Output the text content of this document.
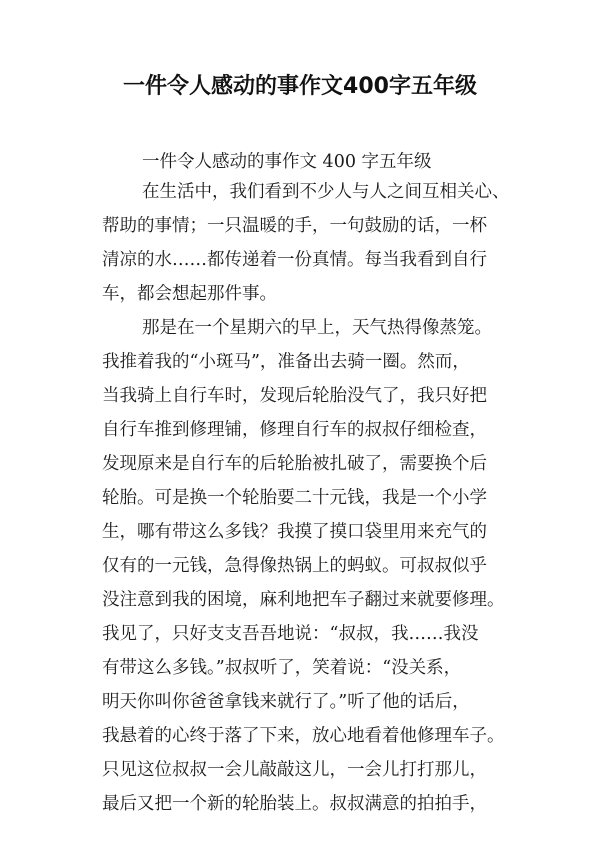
一件令人感动的事作文400字五年级
一件令人感动的事作文 400 字五年级
在生活中，我们看到不少人与人之间互相关心、
帮助的事情；一只温暖的手，一句鼓励的话，一杯
清凉的水……都传递着一份真情。每当我看到自行
车，都会想起那件事。
那是在一个星期六的早上，天气热得像蒸笼。
我推着我的“小斑马”，准备出去骑一圈。然而，
当我骑上自行车时，发现后轮胎没气了，我只好把
自行车推到修理铺，修理自行车的叔叔仔细检查，
发现原来是自行车的后轮胎被扎破了，需要换个后
轮胎。可是换一个轮胎要二十元钱，我是一个小学
生，哪有带这么多钱？我摸了摸口袋里用来充气的
仅有的一元钱，急得像热锅上的蚂蚁。可叔叔似乎
没注意到我的困境，麻利地把车子翻过来就要修理。
我见了，只好支支吾吾地说：“叔叔，我……我没
有带这么多钱。”叔叔听了，笑着说：“没关系，
明天你叫你爸爸拿钱来就行了。”听了他的话后，
我悬着的心终于落了下来，放心地看着他修理车子。
只见这位叔叔一会儿敲敲这儿，一会儿打打那儿，
最后又把一个新的轮胎装上。叔叔满意的拍拍手，
